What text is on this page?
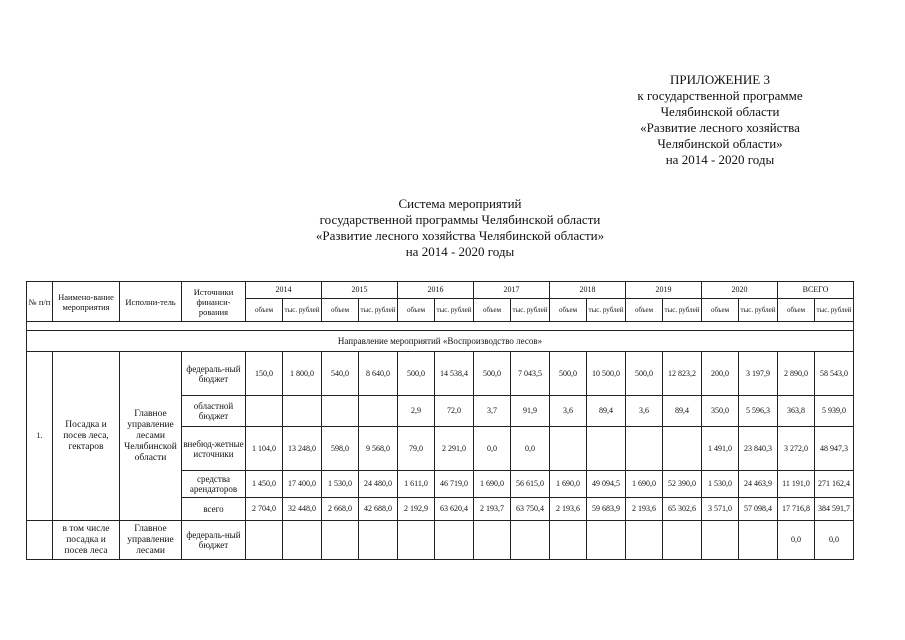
ПРИЛОЖЕНИЕ 3
к государственной программе
Челябинской области
«Развитие лесного хозяйства
Челябинской области»
на 2014 - 2020 годы
Система мероприятий
государственной программы Челябинской области
«Развитие лесного хозяйства Челябинской области»
на 2014 - 2020 годы
№ п/п	Наимено-вание мероприятия	Исполни-тель	Источники финанси-рования	2014		2015		2016		2017		2018		2019		2020		ВСЕГО	
				объем	тыс. рублей	объем	тыс. рублей	объем	тыс. рублей	объем	тыс. рублей	объем	тыс. рублей	объем	тыс. рублей	объем	тыс. рублей	объем	тыс. рублей

Направление мероприятий «Воспроизводство лесов»																			
1.	Посадка и посев леса, гектаров	Главное управление лесами Челябинской области	федераль-ный бюджет	150,0	1 800,0	540,0	8 640,0	500,0	14 538,4	500,0	7 043,5	500,0	10 500,0	500,0	12 823,2	200,0	3 197,9	2 890,0	58 543,0
			областной бюджет					2,9	72,0	3,7	91,9	3,6	89,4	3,6	89,4	350,0	5 596,3	363,8	5 939,0
			внебюд-жетные источники	1 104,0	13 248,0	598,0	9 568,0	79,0	2 291,0	0,0	0,0					1 491,0	23 840,3	3 272,0	48 947,3
			средства арендаторов	1 450,0	17 400,0	1 530,0	24 480,0	1 611,0	46 719,0	1 690,0	56 615,0	1 690,0	49 094,5	1 690,0	52 390,0	1 530,0	24 463,9	11 191,0	271 162,4
			всего	2 704,0	32 448,0	2 668,0	42 688,0	2 192,9	63 620,4	2 193,7	63 750,4	2 193,6	59 683,9	2 193,6	65 302,6	3 571,0	57 098,4	17 716,8	384 591,7
	в том числе посадка и посев леса	Главное управление лесами	федераль-ный бюджет															0,0	0,0
